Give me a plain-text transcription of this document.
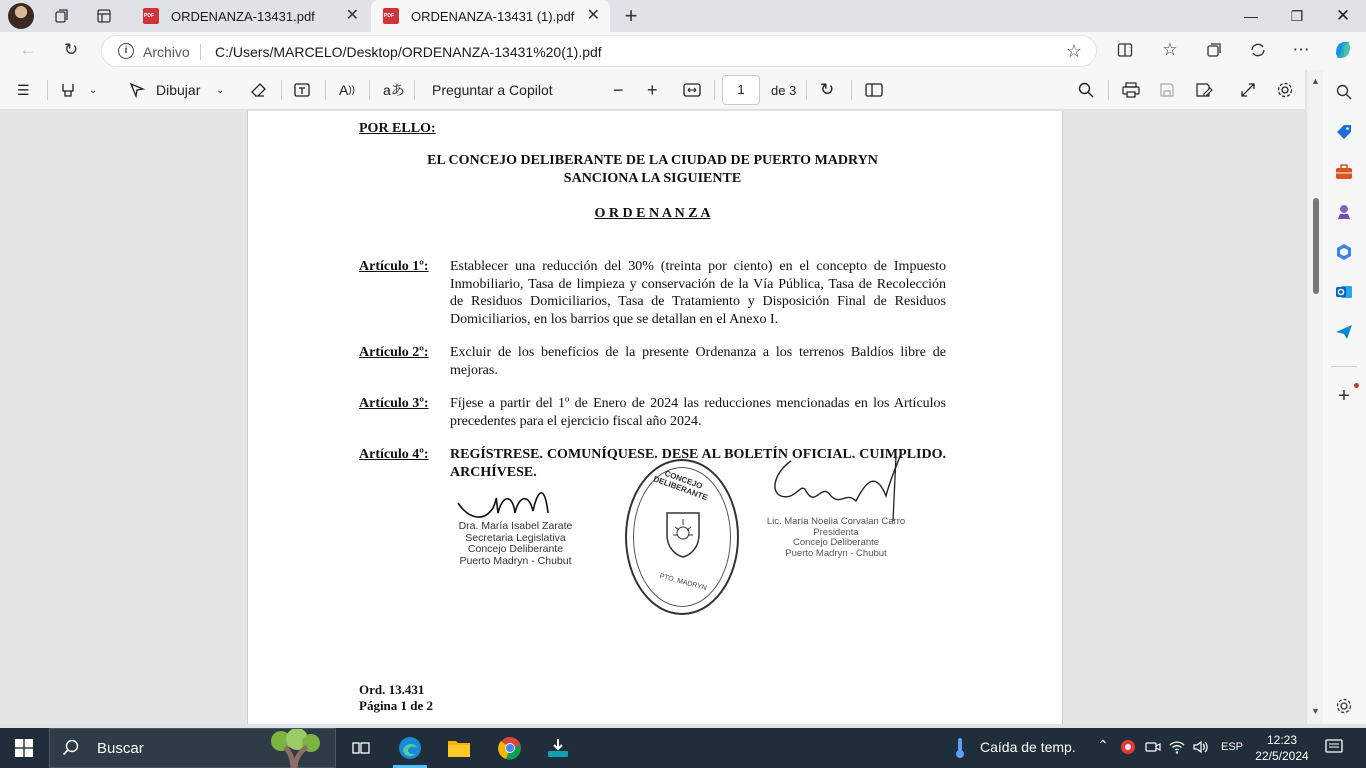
PDF
ORDENANZA-13431.pdf ✕
PDF	ORDENANZA-13431 (1).pdf ✕ +	—	❐	✕
←	↻	i	Archivo C:/Users/MARCELO/Desktop/ORDENANZA-13431%20(1).pdf	☆	☆	⋯
☰	⌄	Dibujar ⌄	A )) aあ Preguntar a Copilot	− +	1	de 3 ↻
POR ELLO:
EL CONCEJO DELIBERANTE DE LA CIUDAD DE PUERTO MADRYN
SANCIONA LA SIGUIENTE
O R D E N A N Z A
Artículo 1º: Establecer una reducción del 30% (treinta por ciento) en el concepto de Impuesto Inmobiliario, Tasa de limpieza y conservación de la Vía Pública, Tasa de Recolección de Residuos Domiciliarios, Tasa de Tratamiento y Disposición Final de Residuos Domiciliarios, en los barrios que se detallan en el Anexo I.
Artículo 2º: Excluir de los beneficios de la presente Ordenanza a los terrenos Baldíos libre de mejoras.
Artículo 3º: Fíjese a partir del 1º de Enero de 2024 las reducciones mencionadas en los Artículos precedentes para el ejercicio fiscal año 2024.
Artículo 4º: REGÍSTRESE. COMUNÍQUESE. DESE AL BOLETÍN OFICIAL. CUIMPLIDO. ARCHÍVESE.
Dra. María Isabel Zarate
Secretaria Legislativa
Concejo Deliberante
Puerto Madryn - Chubut
CONCEJO DELIBERANTE
PTO. MADRYN
Lic. María Noelia Corvalan Carro
Presidenta
Concejo Deliberante
Puerto Madryn - Chubut
Ord. 13.431
Página 1 de 2
▲
▼
+
Buscar	Caída de temp. ⌃	ESP	12:23
22/5/2024
